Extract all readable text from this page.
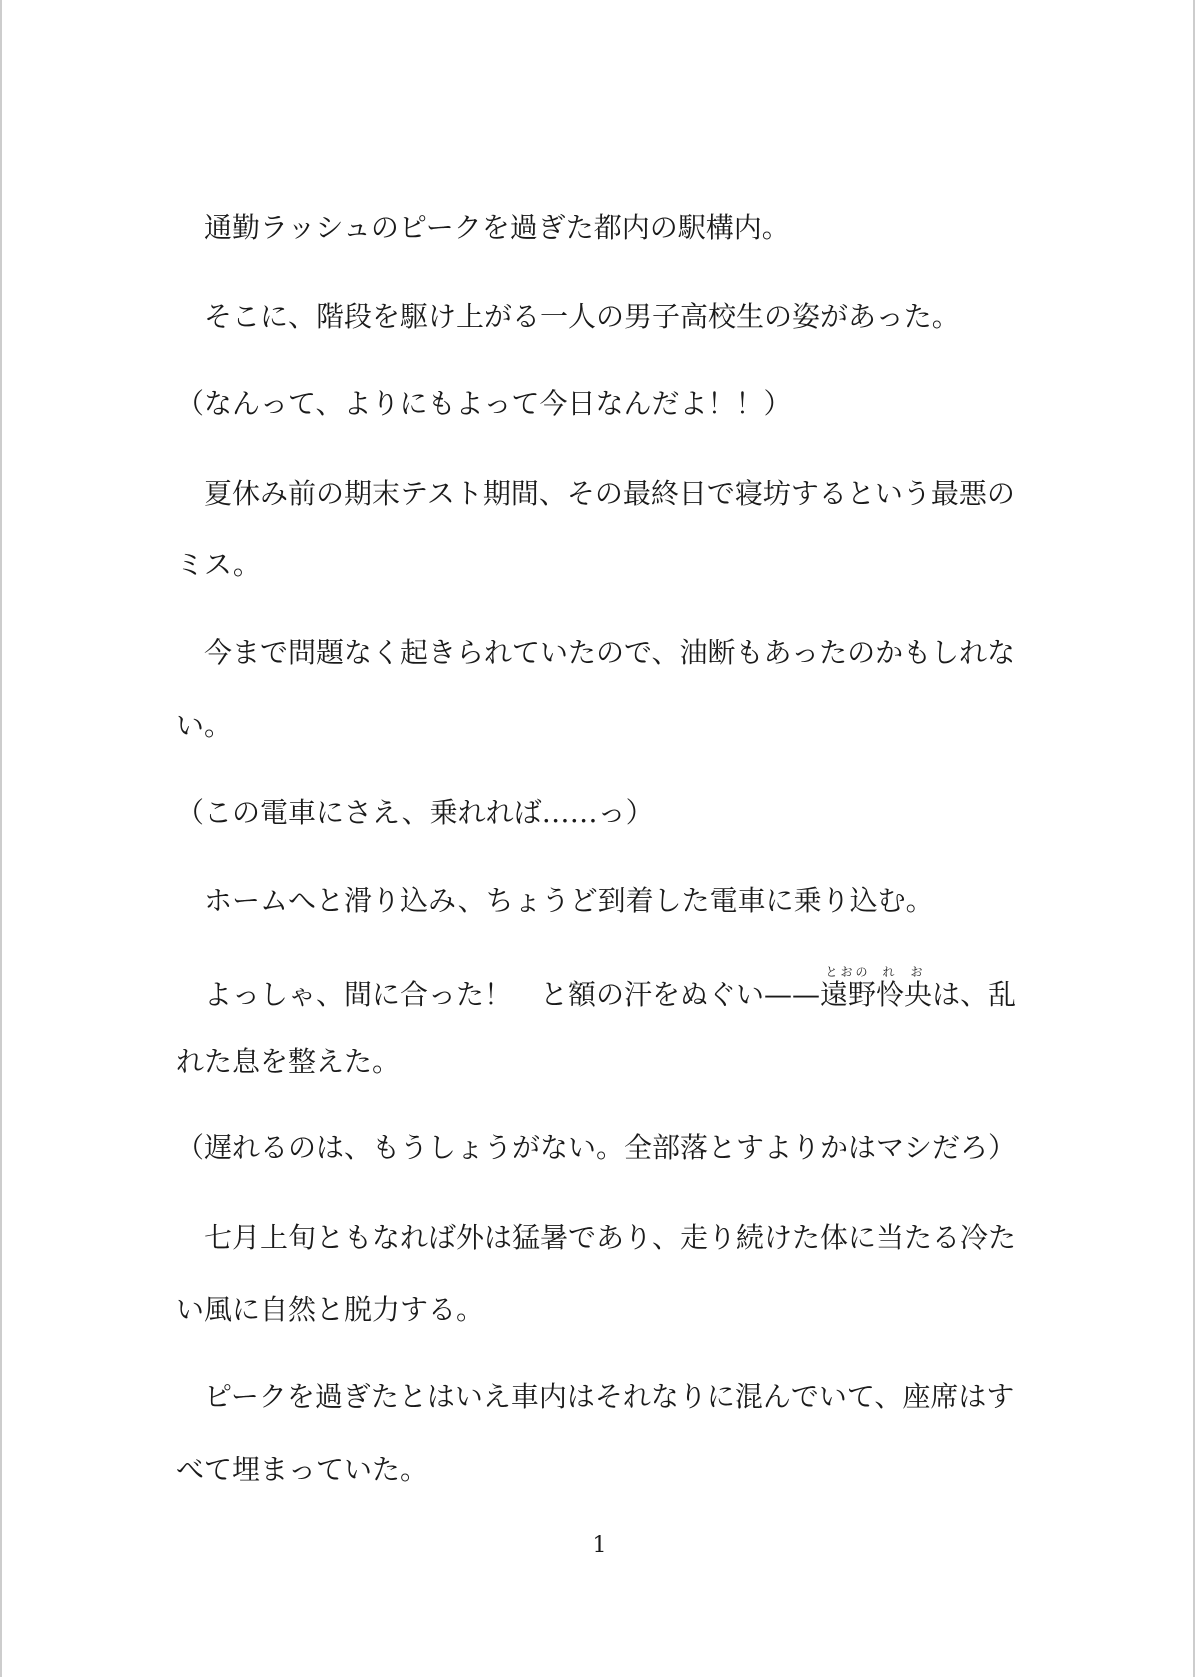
　通勤ラッシュのピークを過ぎた都内の駅構内。
　そこに、階段を駆け上がる一人の男子高校生の姿があった。
（なんって、よりにもよって今日なんだよ！！）
　夏休み前の期末テスト期間、その最終日で寝坊するという最悪の
ミス。
　今まで問題なく起きられていたので、油断もあったのかもしれな
い。
（この電車にさえ、乗れれば……っ）
　ホームへと滑り込み、ちょうど到着した電車に乗り込む。
　よっしゃ、間に合った！　と額の汗をぬぐい——遠野
とおの
怜
れ
央
お
は、乱
れた息を整えた。
（遅れるのは、もうしょうがない。全部落とすよりかはマシだろ）
　七月上旬ともなれば外は猛暑であり、走り続けた体に当たる冷た
い風に自然と脱力する。
　ピークを過ぎたとはいえ車内はそれなりに混んでいて、座席はす
べて埋まっていた。
1
